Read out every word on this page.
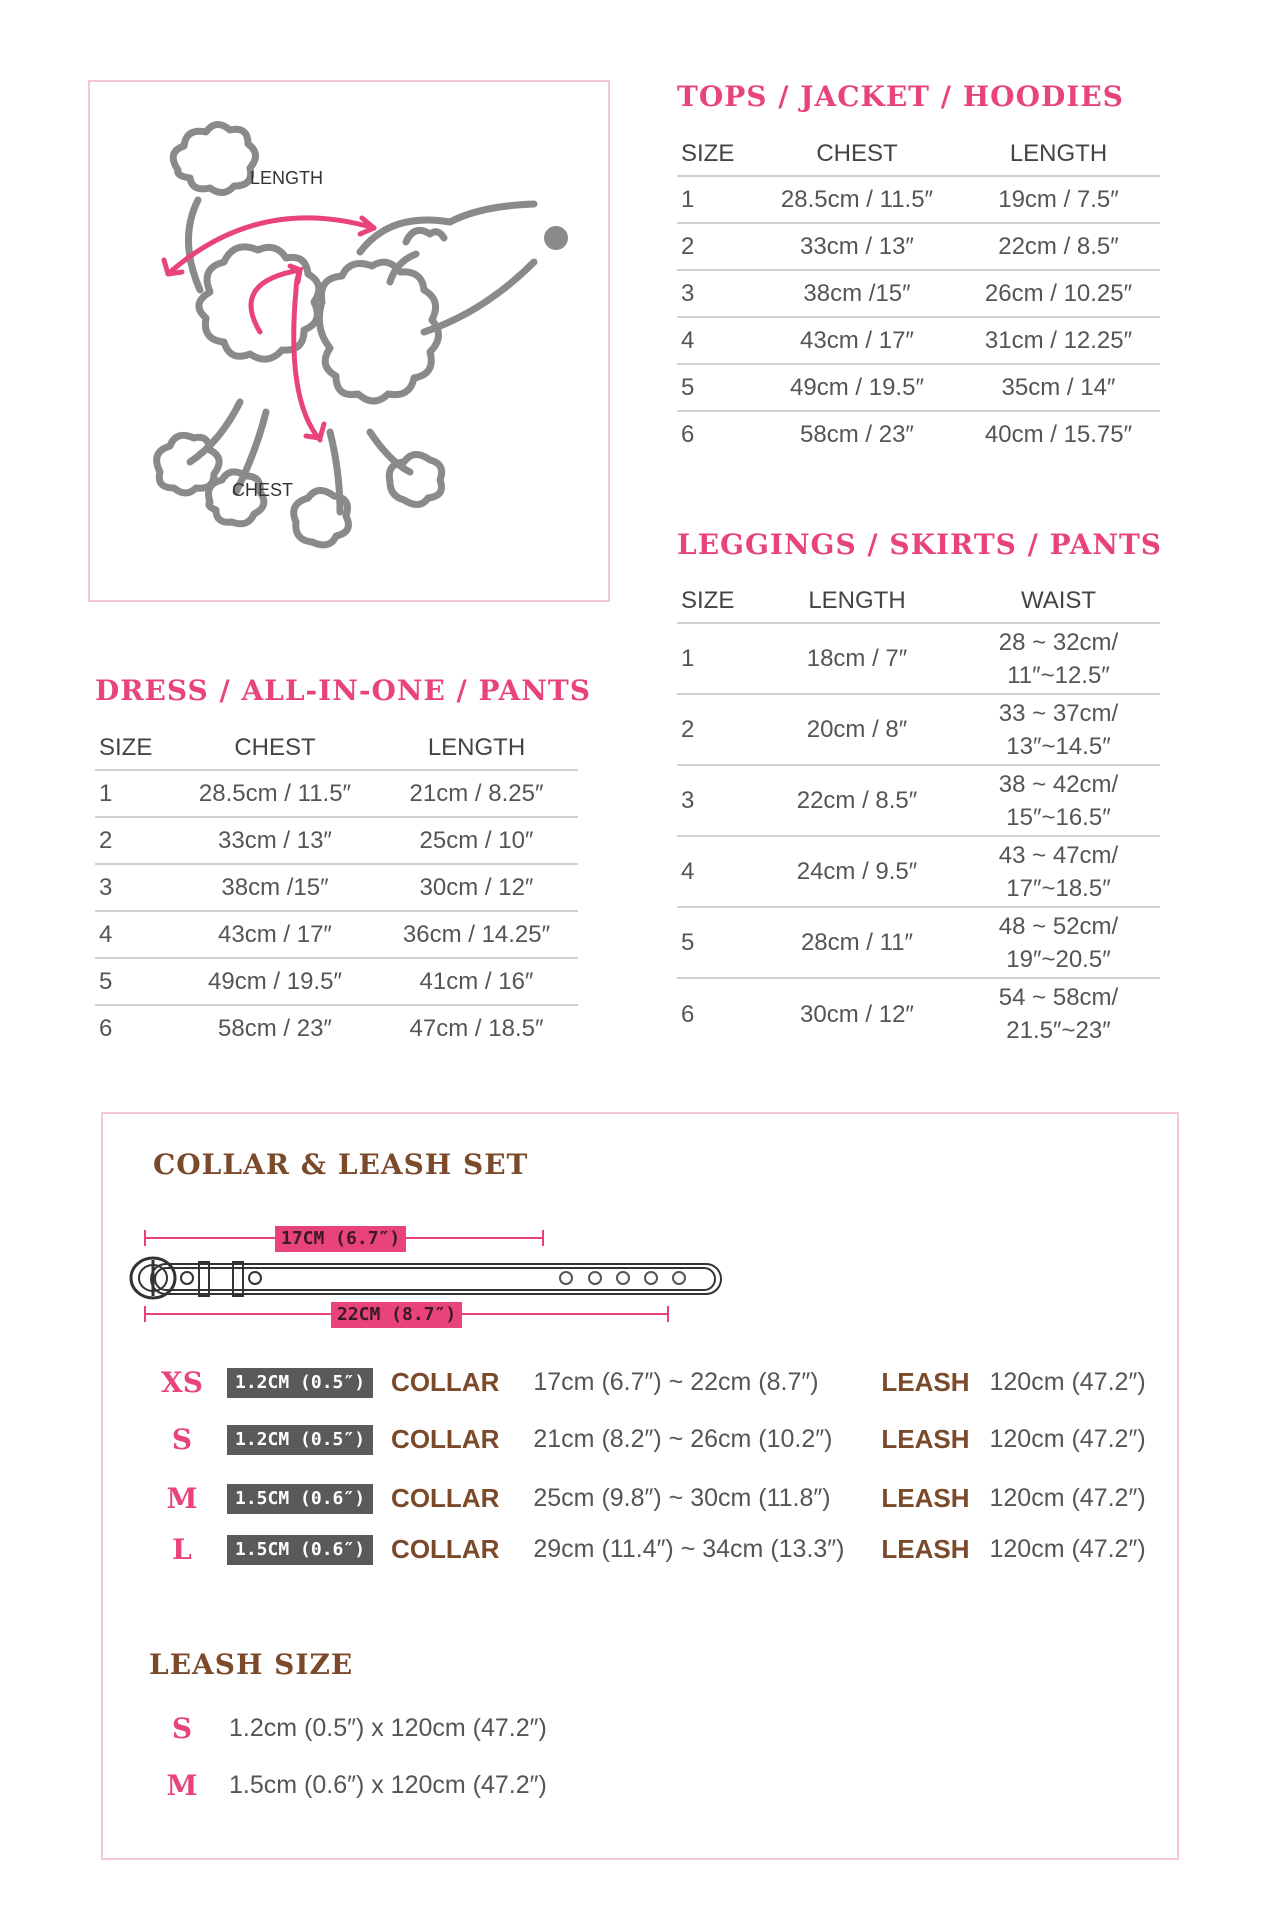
LENGTH
CHEST
TOPS / JACKET / HOODIES
SIZE	CHEST	LENGTH
1	28.5cm / 11.5″	19cm / 7.5″
2	33cm / 13″	22cm / 8.5″
3	38cm /15″	26cm / 10.25″
4	43cm / 17″	31cm / 12.25″
5	49cm / 19.5″	35cm / 14″
6	58cm / 23″	40cm / 15.75″
LEGGINGS / SKIRTS / PANTS
SIZE	LENGTH	WAIST
1	18cm / 7″	28 ~ 32cm/
11″~12.5″

2	20cm / 8″	33 ~ 37cm/
13″~14.5″

3	22cm / 8.5″	38 ~ 42cm/
15″~16.5″

4	24cm / 9.5″	43 ~ 47cm/
17″~18.5″

5	28cm / 11″	48 ~ 52cm/
19″~20.5″

6	30cm / 12″	54 ~ 58cm/
21.5″~23″
DRESS / ALL-IN-ONE / PANTS
SIZE	CHEST	LENGTH
1	28.5cm / 11.5″	21cm / 8.25″
2	33cm / 13″	25cm / 10″
3	38cm /15″	30cm / 12″
4	43cm / 17″	36cm / 14.25″
5	49cm / 19.5″	41cm / 16″
6	58cm / 23″	47cm / 18.5″
COLLAR & LEASH SET
17CM (6.7″)
22CM (8.7″)
XS	1.2CM (0.5″)	COLLAR 17cm (6.7″) ~ 22cm (8.7″)	LEASH 120cm (47.2″)
S	1.2CM (0.5″)	COLLAR 21cm (8.2″) ~ 26cm (10.2″)	LEASH 120cm (47.2″)
M	1.5CM (0.6″)	COLLAR 25cm (9.8″) ~ 30cm (11.8″)	LEASH 120cm (47.2″)
L	1.5CM (0.6″)	COLLAR 29cm (11.4″) ~ 34cm (13.3″)	LEASH 120cm (47.2″)
LEASH SIZE
S	1.2cm (0.5″) x 120cm (47.2″)
M	1.5cm (0.6″) x 120cm (47.2″)
